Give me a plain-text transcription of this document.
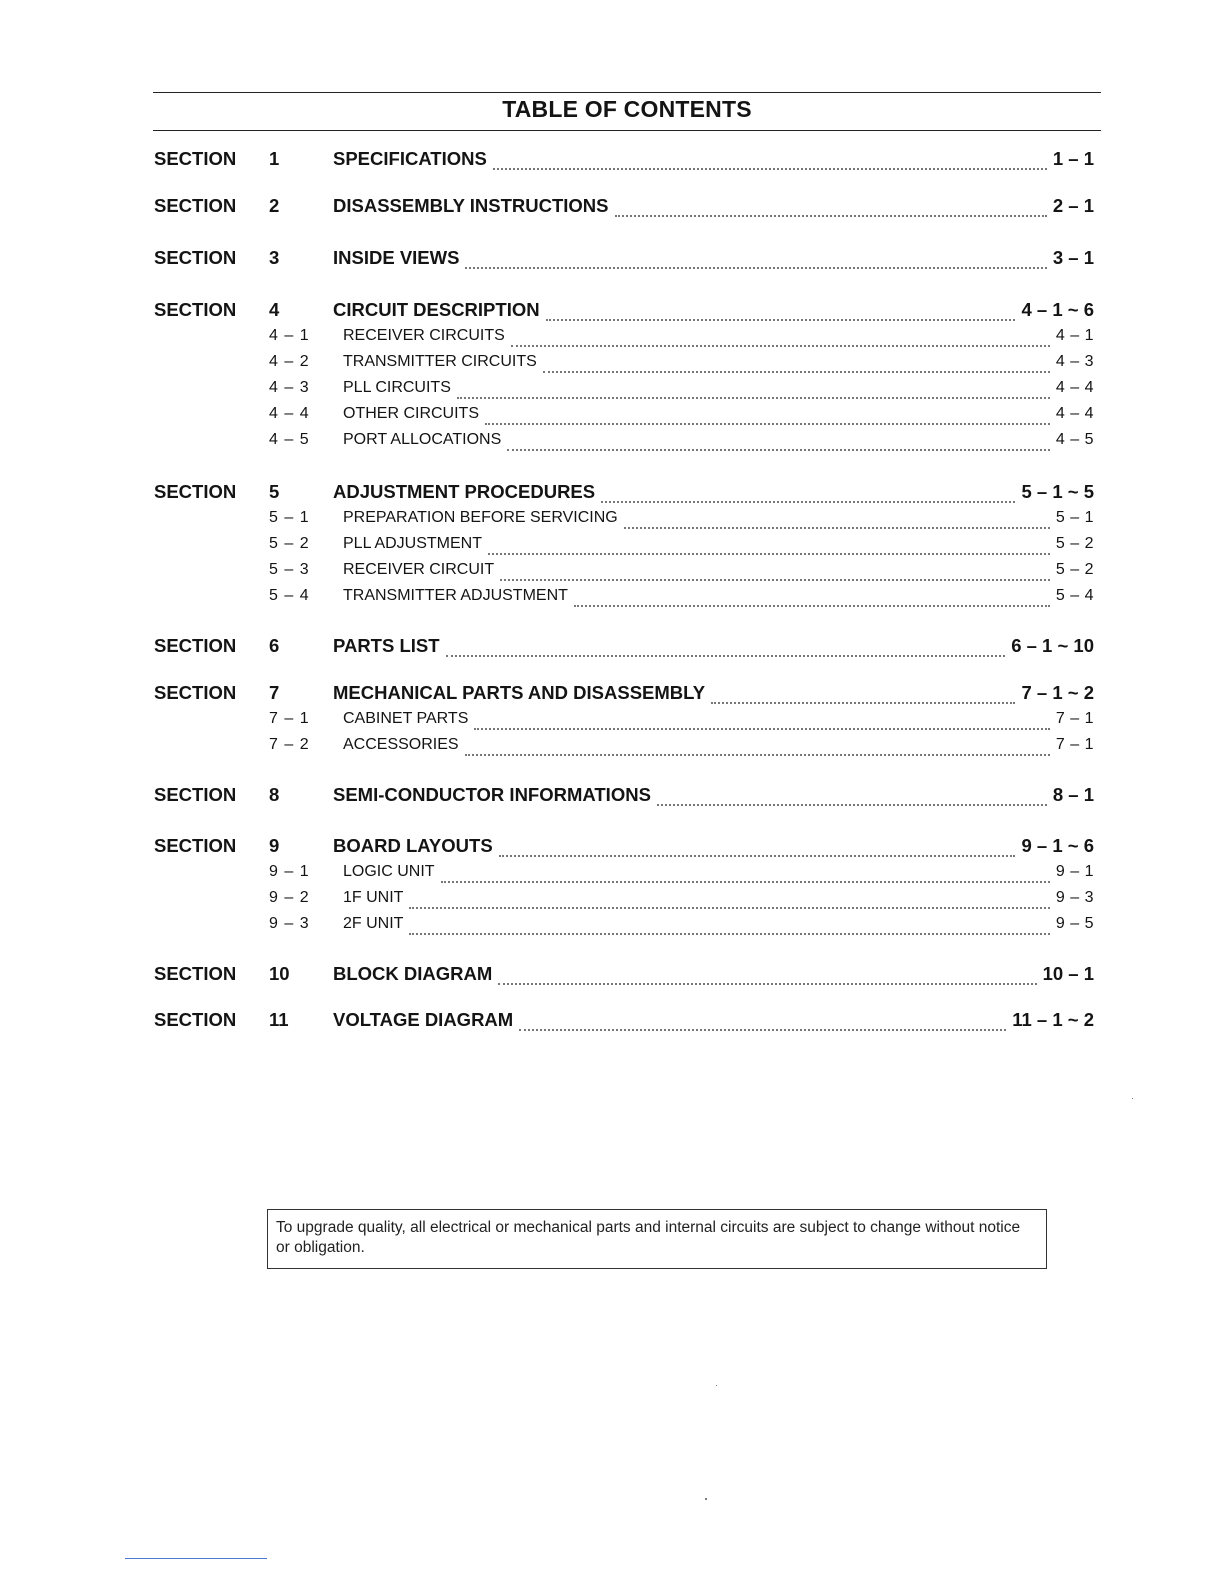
TABLE OF CONTENTS
SECTION	1	SPECIFICATIONS	1 – 1
SECTION	2	DISASSEMBLY INSTRUCTIONS	2 – 1
SECTION	3	INSIDE VIEWS	3 – 1
SECTION	4	CIRCUIT DESCRIPTION	4 – 1 ~ 6
4 – 1	RECEIVER CIRCUITS	4 – 1
4 – 2	TRANSMITTER CIRCUITS	4 – 3
4 – 3	PLL CIRCUITS	4 – 4
4 – 4	OTHER CIRCUITS	4 – 4
4 – 5	PORT ALLOCATIONS	4 – 5
SECTION	5	ADJUSTMENT PROCEDURES	5 – 1 ~ 5
5 – 1	PREPARATION BEFORE SERVICING	5 – 1
5 – 2	PLL ADJUSTMENT	5 – 2
5 – 3	RECEIVER CIRCUIT	5 – 2
5 – 4	TRANSMITTER ADJUSTMENT	5 – 4
SECTION	6	PARTS LIST	6 – 1 ~ 10
SECTION	7	MECHANICAL PARTS AND DISASSEMBLY	7 – 1 ~ 2
7 – 1	CABINET PARTS	7 – 1
7 – 2	ACCESSORIES	7 – 1
SECTION	8	SEMI-CONDUCTOR INFORMATIONS	8 – 1
SECTION	9	BOARD LAYOUTS	9 – 1 ~ 6
9 – 1	LOGIC UNIT	9 – 1
9 – 2	1F UNIT	9 – 3
9 – 3	2F UNIT	9 – 5
SECTION	10	BLOCK DIAGRAM	10 – 1
SECTION	11	VOLTAGE DIAGRAM	11 – 1 ~ 2
To upgrade quality, all electrical or mechanical parts and internal circuits are subject to change without notice or obligation.
